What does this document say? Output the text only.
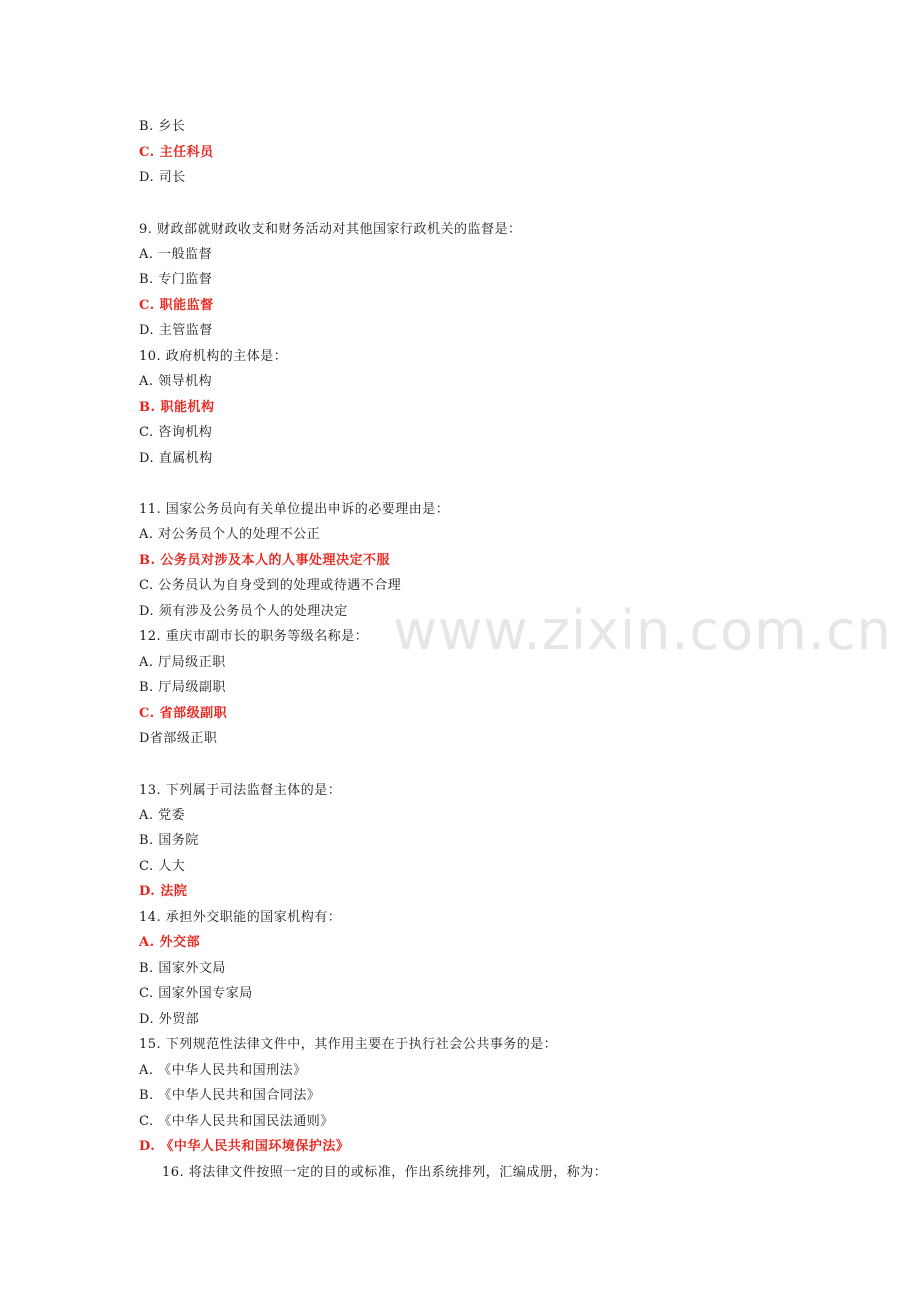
www.zixin.com.cn
B. 乡长
C. 主任科员
D. 司长
9. 财政部就财政收支和财务活动对其他国家行政机关的监督是：
A. 一般监督
B. 专门监督
C. 职能监督
D. 主管监督
10. 政府机构的主体是：
A. 领导机构
B. 职能机构
C. 咨询机构
D. 直属机构
11. 国家公务员向有关单位提出申诉的必要理由是：
A. 对公务员个人的处理不公正
B. 公务员对涉及本人的人事处理决定不服
C. 公务员认为自身受到的处理或待遇不合理
D. 须有涉及公务员个人的处理决定
12. 重庆市副市长的职务等级名称是：
A. 厅局级正职
B. 厅局级副职
C. 省部级副职
D省部级正职
13. 下列属于司法监督主体的是：
A. 党委
B. 国务院
C. 人大
D. 法院
14. 承担外交职能的国家机构有：
A. 外交部
B. 国家外文局
C. 国家外国专家局
D. 外贸部
15. 下列规范性法律文件中，其作用主要在于执行社会公共事务的是：
A. 《中华人民共和国刑法》
B. 《中华人民共和国合同法》
C. 《中华人民共和国民法通则》
D. 《中华人民共和国环境保护法》
16. 将法律文件按照一定的目的或标准，作出系统排列，汇编成册，称为：
